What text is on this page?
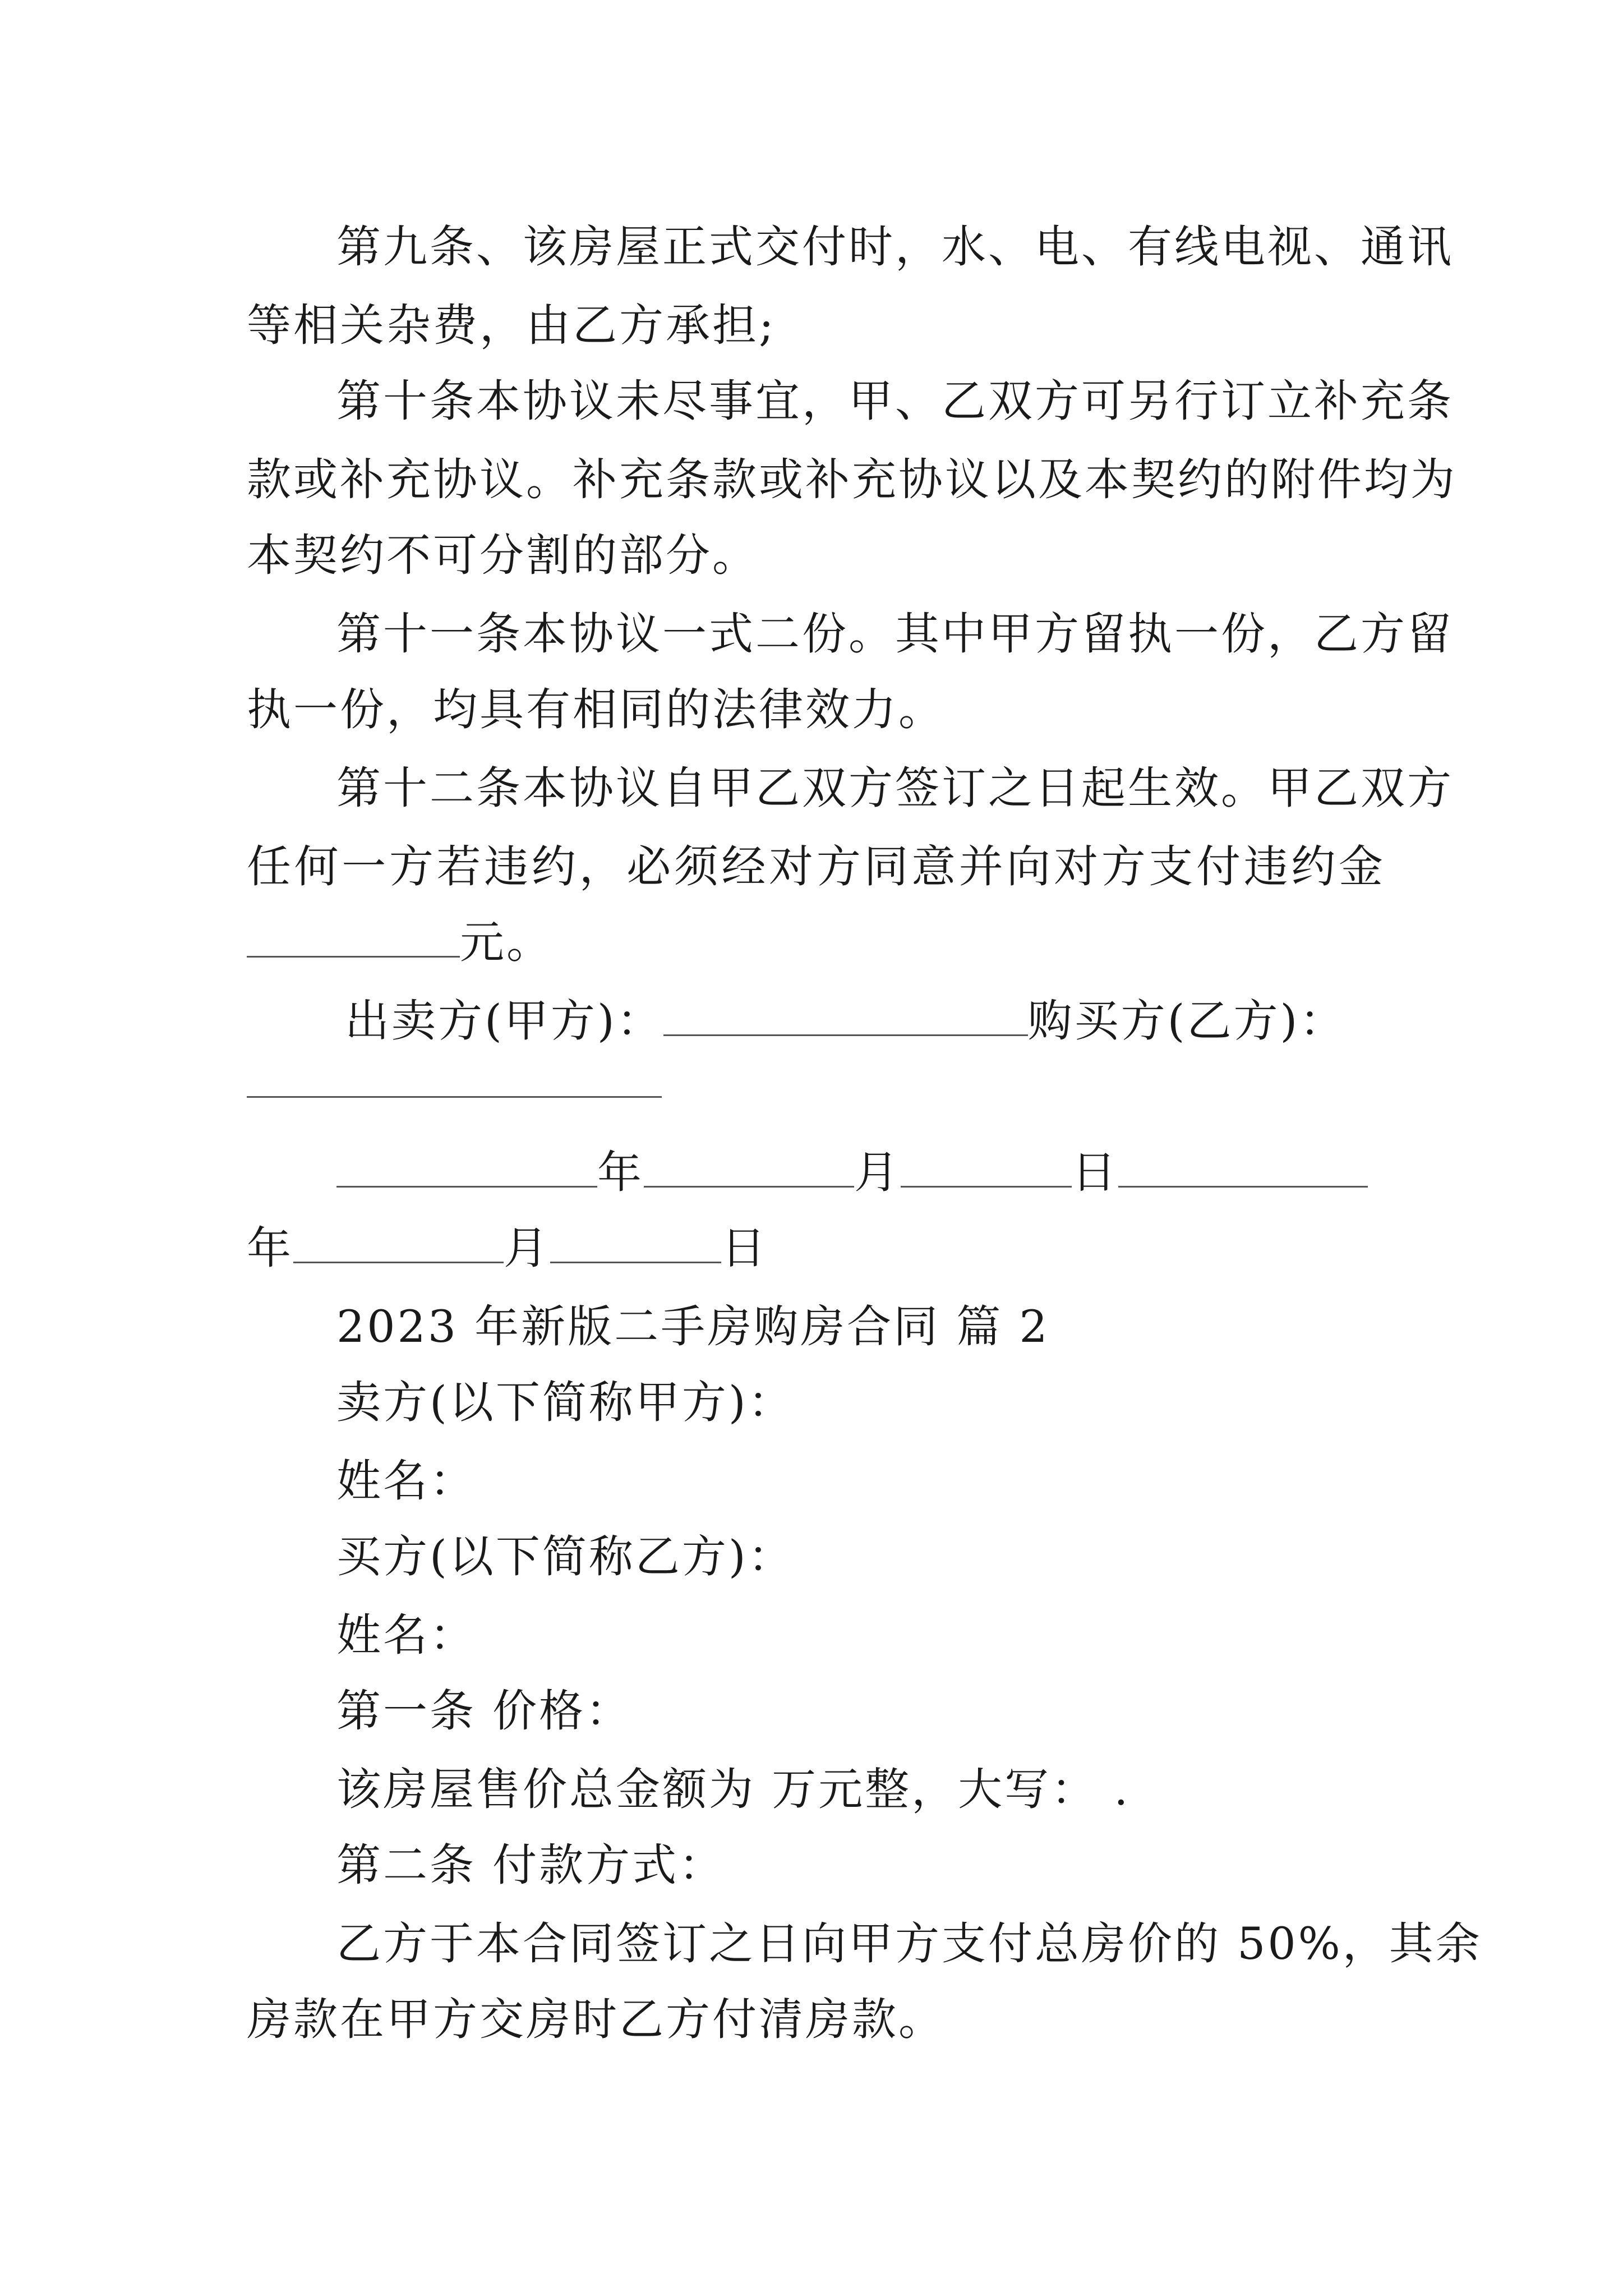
第九条、该房屋正式交付时，水、电、有线电视、通讯
等相关杂费，由乙方承担;
第十条本协议未尽事宜，甲、乙双方可另行订立补充条
款或补充协议。补充条款或补充协议以及本契约的附件均为
本契约不可分割的部分。
第十一条本协议一式二份。其中甲方留执一份，乙方留
执一份，均具有相同的法律效力。
第十二条本协议自甲乙双方签订之日起生效。甲乙双方
任何一方若违约，必须经对方同意并向对方支付违约金
元。
出卖方(甲方)：	购买方(乙方)：
年	月	日
年	月	日
2023 年新版二手房购房合同 篇 2
卖方(以下简称甲方)：
姓名：
买方(以下简称乙方)：
姓名：
第一条 价格：
该房屋售价总金额为 万元整，大写： .
第二条 付款方式：
乙方于本合同签订之日向甲方支付总房价的 50%，其余
房款在甲方交房时乙方付清房款。
